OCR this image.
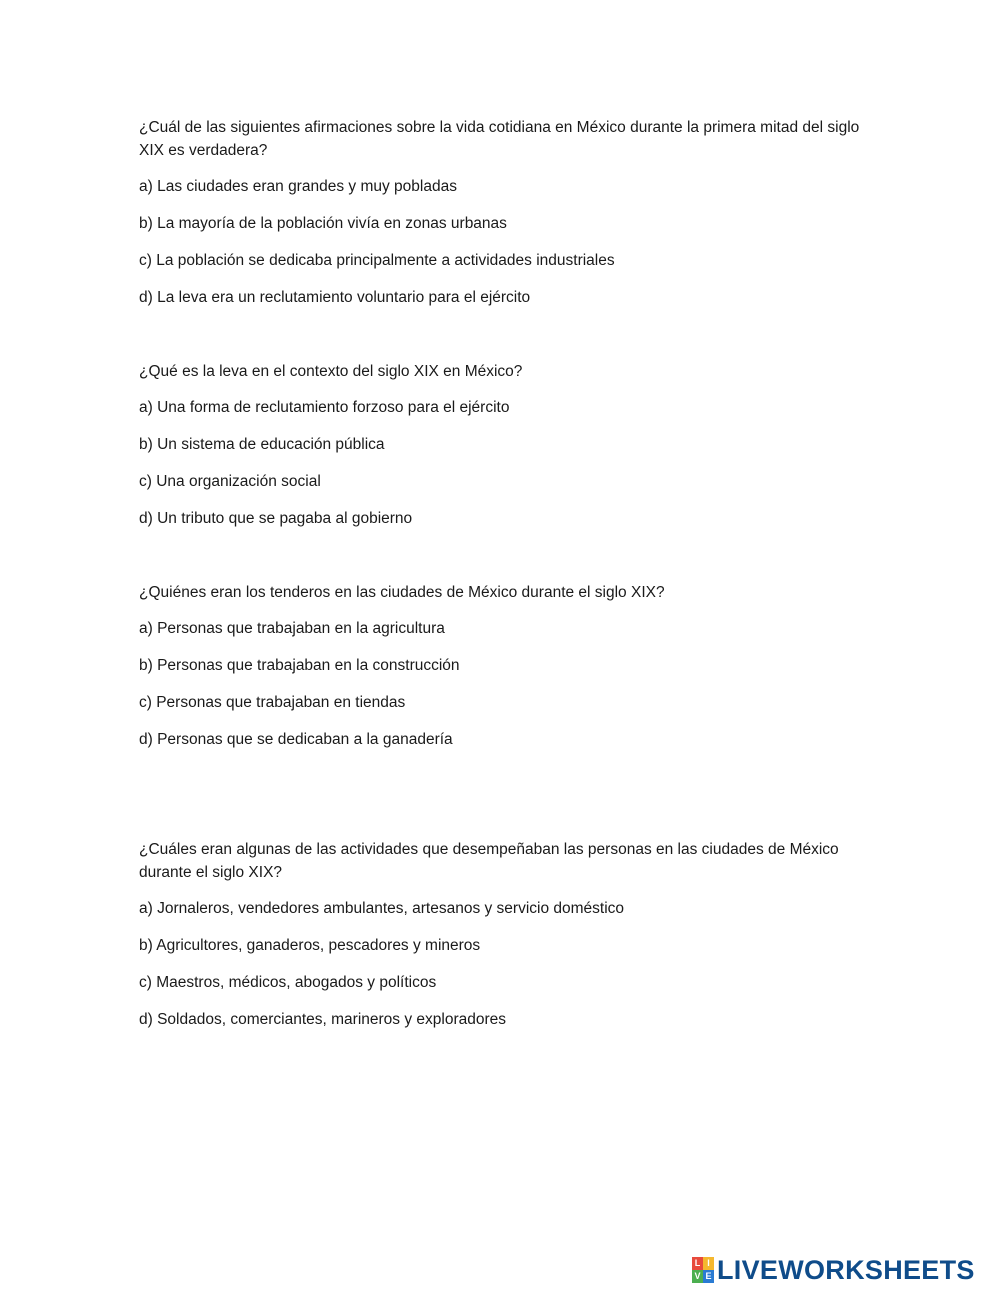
¿Cuál de las siguientes afirmaciones sobre la vida cotidiana en México durante la primera mitad del siglo XIX es verdadera?

a) Las ciudades eran grandes y muy pobladas
b) La mayoría de la población vivía en zonas urbanas
c) La población se dedicaba principalmente a actividades industriales
d) La leva era un reclutamiento voluntario para el ejército

¿Qué es la leva en el contexto del siglo XIX en México?

a) Una forma de reclutamiento forzoso para el ejército
b) Un sistema de educación pública
c) Una organización social
d) Un tributo que se pagaba al gobierno

¿Quiénes eran los tenderos en las ciudades de México durante el siglo XIX?

a) Personas que trabajaban en la agricultura
b) Personas que trabajaban en la construcción
c) Personas que trabajaban en tiendas
d) Personas que se dedicaban a la ganadería

¿Cuáles eran algunas de las actividades que desempeñaban las personas en las ciudades de México durante el siglo XIX?

a) Jornaleros, vendedores ambulantes, artesanos y servicio doméstico
b) Agricultores, ganaderos, pescadores y mineros
c) Maestros, médicos, abogados y políticos
d) Soldados, comerciantes, marineros y exploradores
L I
V E LIVEWORKSHEETS
